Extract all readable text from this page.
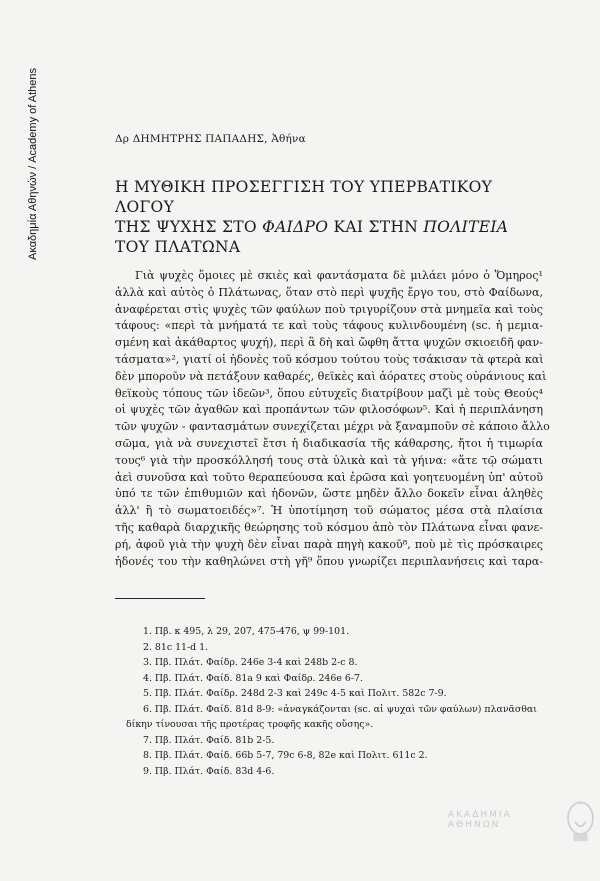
Ακαδημία Αθηνών / Academy of Athens	Δρ ΔΗΜΗΤΡΗΣ ΠΑΠΑΔΗΣ, Ἀθήνα
Η ΜΥΘΙΚΗ ΠΡΟΣΕΓΓΙΣΗ ΤΟΥ ΥΠΕΡΒΑΤΙΚΟΥ ΛΟΓΟΥ
ΤΗΣ ΨΥΧΗΣ ΣΤΟ ΦΑΙΔΡΟ ΚΑΙ ΣΤΗΝ ΠΟΛΙΤΕΙΑ
ΤΟΥ ΠΛΑΤΩΝΑ
Γιὰ ψυχὲς ὅμοιες μὲ σκιὲς καὶ φαντάσματα δὲ μιλάει μόνο ὁ Ὅμηρος¹
ἀλλὰ καὶ αὐτὸς ὁ Πλάτωνας, ὅταν στὸ περὶ ψυχῆς ἔργο του, στὸ Φαίδωνα,
ἀναφέρεται στὶς ψυχὲς τῶν φαύλων ποὺ τριγυρίζουν στὰ μνημεῖα καὶ τοὺς
τάφους: «περὶ τὰ μνήματά τε καὶ τοὺς τάφους κυλινδουμένη (sc. ἡ μεμια-
σμένη καὶ ἀκάθαρτος ψυχή), περὶ ἃ δὴ καὶ ὤφθη ἄττα ψυχῶν σκιοειδῆ φαν-
τάσματα»², γιατί οἱ ἡδονὲς τοῦ κόσμου τούτου τοὺς τσάκισαν τὰ φτερὰ καὶ
δὲν μποροῦν νὰ πετάξουν καθαρές, θεϊκὲς καὶ ἀόρατες στοὺς οὐράνιους καὶ
θεϊκοὺς τόπους τῶν ἰδεῶν³, ὅπου εὐτυχεῖς διατρίβουν μαζὶ μὲ τοὺς Θεούς⁴
οἱ ψυχὲς τῶν ἀγαθῶν καὶ προπάντων τῶν φιλοσόφων⁵. Καὶ ἡ περιπλάνηση
τῶν ψυχῶν - φαντασμάτων συνεχίζεται μέχρι νὰ ξαναμποῦν σὲ κάποιο ἄλλο
σῶμα, γιὰ νὰ συνεχιστεῖ ἔτσι ἡ διαδικασία τῆς κάθαρσης, ἤτοι ἡ τιμωρία
τους⁶ γιὰ τὴν προσκόλλησή τους στὰ ὑλικὰ καὶ τὰ γήινα: «ἅτε τῷ σώματι
ἀεὶ συνοῦσα καὶ τοῦτο θεραπεύουσα καὶ ἐρῶσα καὶ γοητευομένη ὑπ' αὐτοῦ
ὑπό τε τῶν ἐπιθυμιῶν καὶ ἡδονῶν, ὥστε μηδὲν ἄλλο δοκεῖν εἶναι ἀληθὲς
ἀλλ' ἢ τὸ σωματοειδές»⁷. Ἡ ὑποτίμηση τοῦ σώματος μέσα στὰ πλαίσια
τῆς καθαρὰ διαρχικῆς θεώρησης τοῦ κόσμου ἀπὸ τὸν Πλάτωνα εἶναι φανε-
ρή, ἀφοῦ γιὰ τὴν ψυχὴ δὲν εἶναι παρὰ πηγὴ κακοῦ⁸, ποὺ μὲ τὶς πρόσκαιρες
ἡδονές του τὴν καθηλώνει στὴ γῆ⁹ ὅπου γνωρίζει περιπλανήσεις καὶ ταρα-
1. Πβ. κ 495, λ 29, 207, 475-476, ψ 99-101.
2. 81c 11-d 1.
3. Πβ. Πλάτ. Φαίδρ. 246e 3-4 καὶ 248b 2-c 8.
4. Πβ. Πλάτ. Φαίδ. 81a 9 καὶ Φαίδρ. 246e 6-7.
5. Πβ. Πλάτ. Φαίδρ. 248d 2-3 καὶ 249c 4-5 καὶ Πολιτ. 582c 7-9.
6. Πβ. Πλάτ. Φαίδ. 81d 8-9: «ἀναγκάζονται (sc. αἱ ψυχαὶ τῶν φαύλων) πλανᾶσθαι
δίκην τίνουσαι τῆς προτέρας τροφῆς κακῆς οὔσης».
7. Πβ. Πλάτ. Φαίδ. 81b 2-5.
8. Πβ. Πλάτ. Φαίδ. 66b 5-7, 79c 6-8, 82e καὶ Πολιτ. 611c 2.
9. Πβ. Πλάτ. Φαίδ. 83d 4-6.
ΑΚΑΔΗΜΙΑ ΑΘΗΝΩΝ
